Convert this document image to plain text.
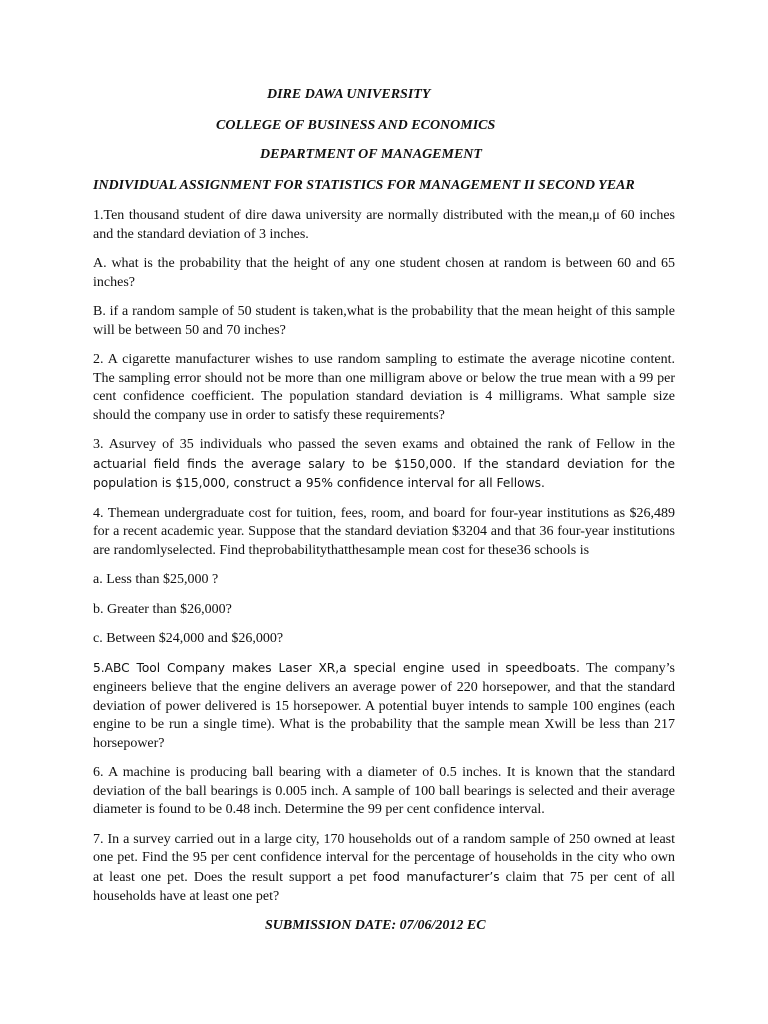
DIRE DAWA UNIVERSITY
COLLEGE OF BUSINESS AND ECONOMICS
DEPARTMENT OF MANAGEMENT
INDIVIDUAL ASSIGNMENT FOR STATISTICS FOR MANAGEMENT II SECOND YEAR
1.Ten thousand student of dire dawa university are normally distributed with the mean,μ of 60 inches and the standard deviation of 3 inches.
A. what is the probability that the height of any one student chosen at random is between 60 and 65 inches?
B. if a random sample of 50 student is taken,what is the probability that the mean height of this sample will be between 50 and 70 inches?
2. A cigarette manufacturer wishes to use random sampling to estimate the average nicotine content. The sampling error should not be more than one milligram above or below the true mean with a 99 per cent confidence coefficient. The population standard deviation is 4 milligrams. What sample size should the company use in order to satisfy these requirements?
3. Asurvey of 35 individuals who passed the seven exams and obtained the rank of Fellow in the actuarial field finds the average salary to be $150,000. If the standard deviation for the population is $15,000, construct a 95% confidence interval for all Fellows.
4. Themean undergraduate cost for tuition, fees, room, and board for four-year institutions as $26,489 for a recent academic year. Suppose that the standard deviation $3204 and that 36 four-year institutions are randomlyselected. Find theprobabilitythatthesample mean cost for these36 schools is
a. Less than $25,000 ?
b. Greater than $26,000?
c. Between $24,000 and $26,000?
5.ABC Tool Company makes Laser XR,a special engine used in speedboats. The company’s engineers believe that the engine delivers an average power of 220 horsepower, and that the standard deviation of power delivered is 15 horsepower. A potential buyer intends to sample 100 engines (each engine to be run a single time). What is the probability that the sample mean Xwill be less than 217 horsepower?
6. A machine is producing ball bearing with a diameter of 0.5 inches. It is known that the standard deviation of the ball bearings is 0.005 inch. A sample of 100 ball bearings is selected and their average diameter is found to be 0.48 inch. Determine the 99 per cent confidence interval.
7. In a survey carried out in a large city, 170 households out of a random sample of 250 owned at least one pet. Find the 95 per cent confidence interval for the percentage of households in the city who own at least one pet. Does the result support a pet food manufacturer’s claim that 75 per cent of all households have at least one pet?
SUBMISSION DATE: 07/06/2012 EC
